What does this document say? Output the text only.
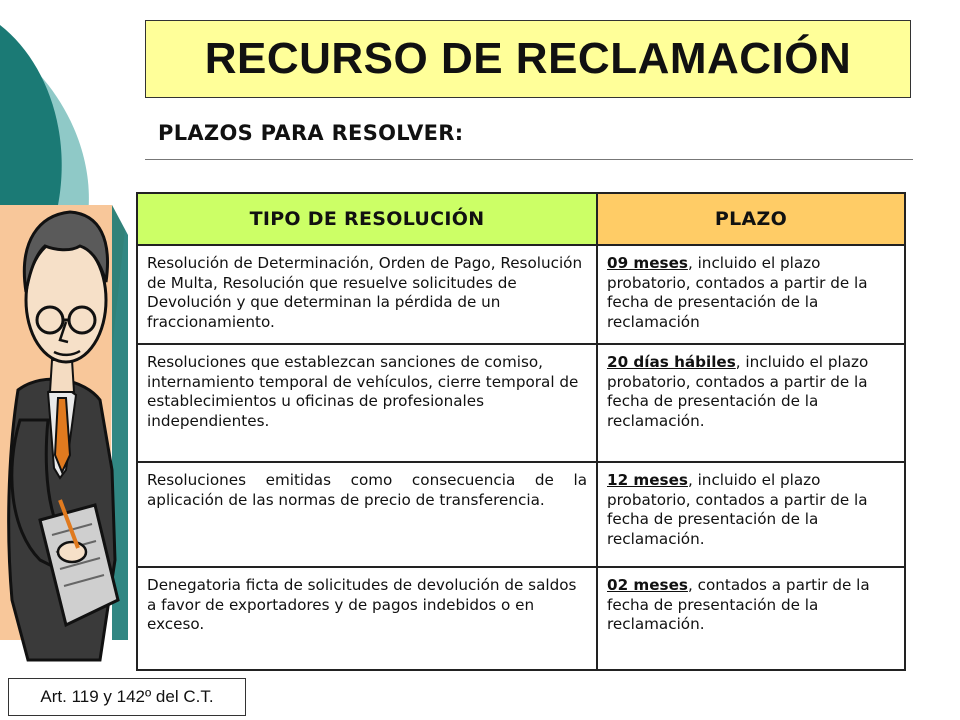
RECURSO DE RECLAMACIÓN
PLAZOS PARA RESOLVER:
TIPO DE RESOLUCIÓN	PLAZO
Resolución de Determinación, Orden de Pago, Resolución de Multa, Resolución que resuelve solicitudes de Devolución y que determinan la pérdida de un fraccionamiento.	09 meses, incluido el plazo probatorio, contados a partir de la fecha de presentación de la reclamación
Resoluciones que establezcan sanciones de comiso, internamiento temporal de vehículos, cierre temporal de establecimientos u oficinas de profesionales independientes.	20 días hábiles, incluido el plazo probatorio, contados a partir de la fecha de presentación de la reclamación.
Resoluciones emitidas como consecuencia de la aplicación de las normas de precio de transferencia.	12 meses, incluido el plazo probatorio, contados a partir de la fecha de presentación de la reclamación.
Denegatoria ficta de solicitudes de devolución de saldos a favor de exportadores y de pagos indebidos o en exceso.	02 meses, contados a partir de la fecha de presentación de la reclamación.
Art. 119 y 142º del C.T.
